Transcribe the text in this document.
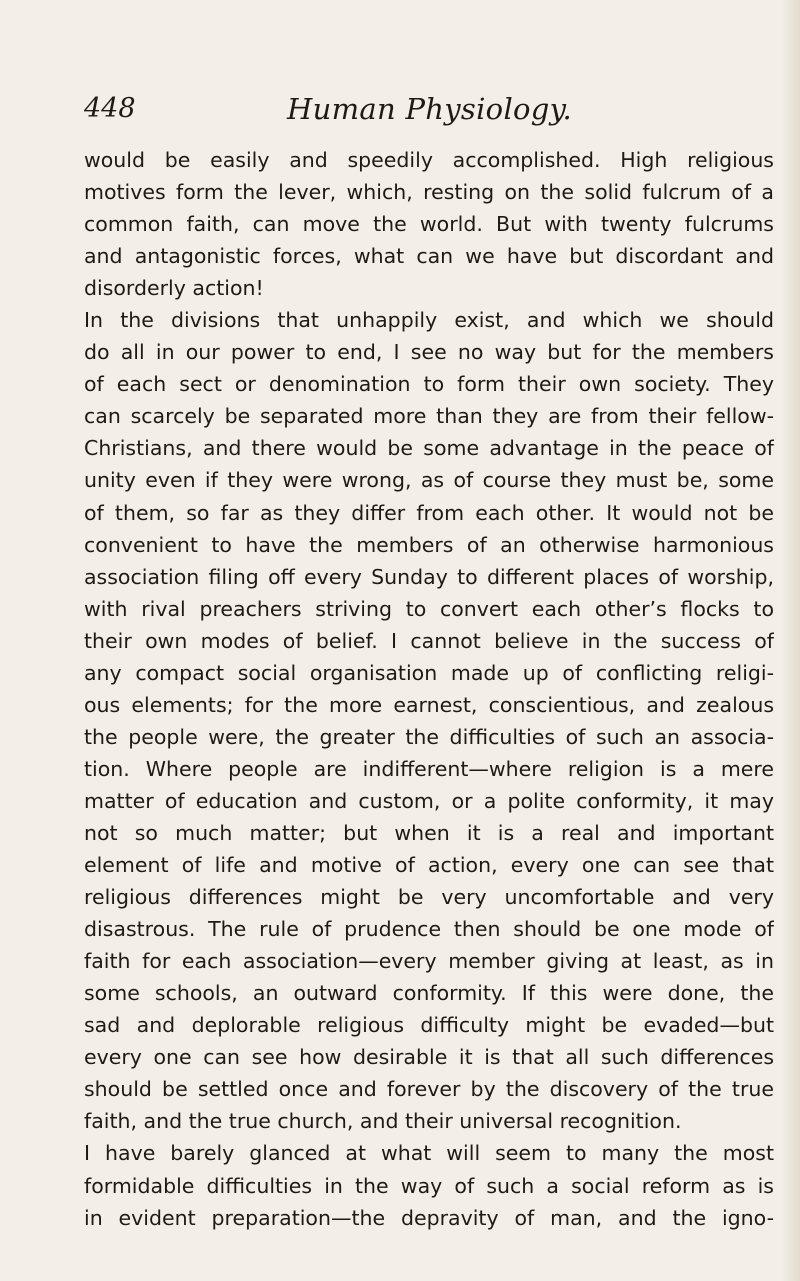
448	Human Physiology.
would be easily and speedily accomplished. High religious
motives form the lever, which, resting on the solid fulcrum of a
common faith, can move the world. But with twenty fulcrums
and antagonistic forces, what can we have but discordant and
disorderly action!
In the divisions that unhappily exist, and which we should
do all in our power to end, I see no way but for the members
of each sect or denomination to form their own society. They
can scarcely be separated more than they are from their fellow-
Christians, and there would be some advantage in the peace of
unity even if they were wrong, as of course they must be, some
of them, so far as they differ from each other. It would not be
convenient to have the members of an otherwise harmonious
association filing off every Sunday to different places of worship,
with rival preachers striving to convert each other’s flocks to
their own modes of belief. I cannot believe in the success of
any compact social organisation made up of conflicting religi-
ous elements; for the more earnest, conscientious, and zealous
the people were, the greater the difficulties of such an associa-
tion. Where people are indifferent—where religion is a mere
matter of education and custom, or a polite conformity, it may
not so much matter; but when it is a real and important
element of life and motive of action, every one can see that
religious differences might be very uncomfortable and very
disastrous. The rule of prudence then should be one mode of
faith for each association—every member giving at least, as in
some schools, an outward conformity. If this were done, the
sad and deplorable religious difficulty might be evaded—but
every one can see how desirable it is that all such differences
should be settled once and forever by the discovery of the true
faith, and the true church, and their universal recognition.
I have barely glanced at what will seem to many the most
formidable difficulties in the way of such a social reform as is
in evident preparation—the depravity of man, and the igno-
